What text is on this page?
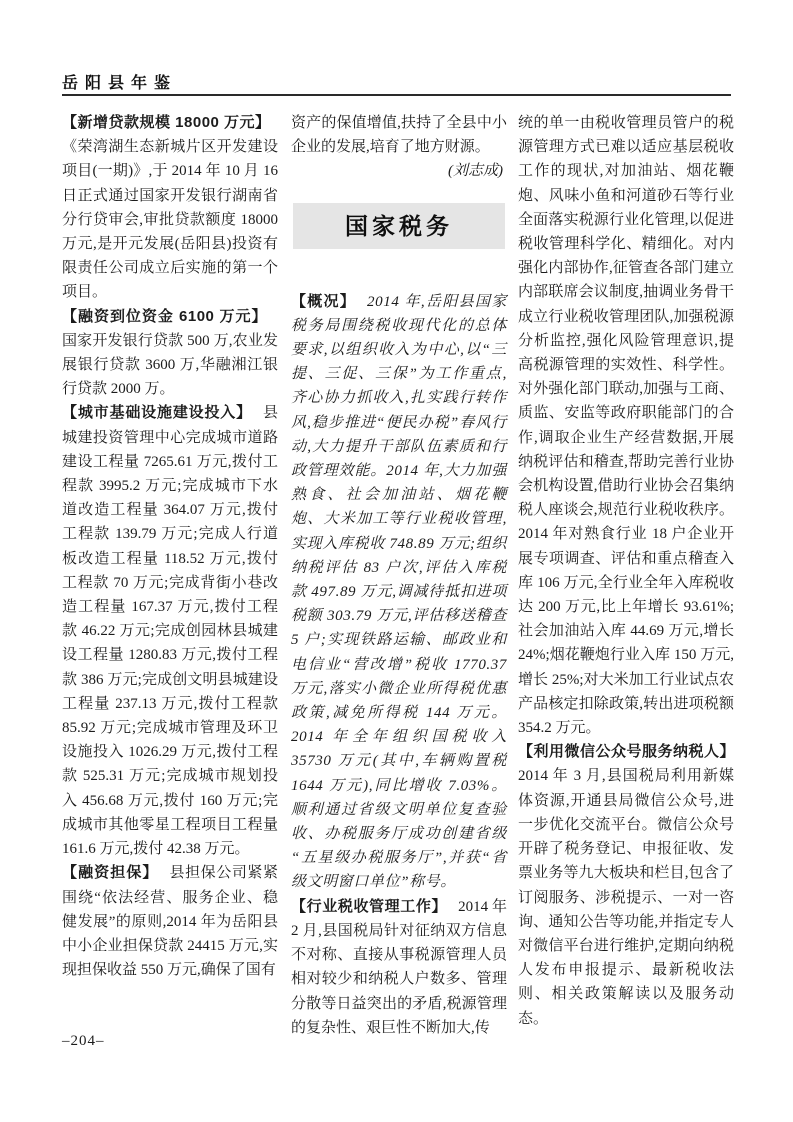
岳阳县年鉴

【新增贷款规模 18000 万元】《荣湾湖生态新城片区开发建设项目(一期)》,于 2014 年 10 月 16 日正式通过国家开发银行湖南省分行贷审会,审批贷款额度 18000 万元,是开元发展(岳阳县)投资有限责任公司成立后实施的第一个项目。

【融资到位资金 6100 万元】国家开发银行贷款 500 万,农业发展银行贷款 3600 万,华融湘江银行贷款 2000 万。

【城市基础设施建设投入】 县城建投资管理中心完成城市道路建设工程量 7265.61 万元,拨付工程款 3995.2 万元;完成城市下水道改造工程量 364.07 万元,拨付工程款 139.79 万元;完成人行道板改造工程量 118.52 万元,拨付工程款 70 万元;完成背街小巷改造工程量 167.37 万元,拨付工程款 46.22 万元;完成创园林县城建设工程量 1280.83 万元,拨付工程款 386 万元;完成创文明县城建设工程量 237.13 万元,拨付工程款 85.92 万元;完成城市管理及环卫设施投入 1026.29 万元,拨付工程款 525.31 万元;完成城市规划投入 456.68 万元,拨付 160 万元;完成城市其他零星工程项目工程量 161.6 万元,拨付 42.38 万元。

【融资担保】 县担保公司紧紧围绕“依法经营、服务企业、稳健发展”的原则,2014 年为岳阳县中小企业担保贷款 24415 万元,实现担保收益 550 万元,确保了国有

资产的保值增值,扶持了全县中小企业的发展,培育了地方财源。

(刘志成)

国家税务

【概况】 2014 年,岳阳县国家税务局围绕税收现代化的总体要求,以组织收入为中心,以“三提、三促、三保”为工作重点,齐心协力抓收入,扎实践行转作风,稳步推进“便民办税”春风行动,大力提升干部队伍素质和行政管理效能。2014 年,大力加强熟食、社会加油站、烟花鞭炮、大米加工等行业税收管理,实现入库税收 748.89 万元;组织纳税评估 83 户次,评估入库税款 497.89 万元,调减待抵扣进项税额 303.79 万元,评估移送稽查 5 户;实现铁路运输、邮政业和电信业“营改增”税收 1770.37 万元,落实小微企业所得税优惠政策,减免所得税 144 万元。2014 年全年组织国税收入 35730 万元(其中,车辆购置税 1644 万元),同比增收 7.03%。顺利通过省级文明单位复查验收、办税服务厅成功创建省级“五星级办税服务厅”,并获“省级文明窗口单位”称号。

【行业税收管理工作】 2014 年 2 月,县国税局针对征纳双方信息不对称、直接从事税源管理人员相对较少和纳税人户数多、管理分散等日益突出的矛盾,税源管理的复杂性、艰巨性不断加大,传

统的单一由税收管理员管户的税源管理方式已难以适应基层税收工作的现状,对加油站、烟花鞭炮、风味小鱼和河道砂石等行业全面落实税源行业化管理,以促进税收管理科学化、精细化。对内强化内部协作,征管查各部门建立内部联席会议制度,抽调业务骨干成立行业税收管理团队,加强税源分析监控,强化风险管理意识,提高税源管理的实效性、科学性。对外强化部门联动,加强与工商、质监、安监等政府职能部门的合作,调取企业生产经营数据,开展纳税评估和稽查,帮助完善行业协会机构设置,借助行业协会召集纳税人座谈会,规范行业税收秩序。2014 年对熟食行业 18 户企业开展专项调查、评估和重点稽查入库 106 万元,全行业全年入库税收达 200 万元,比上年增长 93.61%;社会加油站入库 44.69 万元,增长 24%;烟花鞭炮行业入库 150 万元,增长 25%;对大米加工行业试点农产品核定扣除政策,转出进项税额 354.2 万元。

【利用微信公众号服务纳税人】2014 年 3 月,县国税局利用新媒体资源,开通县局微信公众号,进一步优化交流平台。微信公众号开辟了税务登记、申报征收、发票业务等九大板块和栏目,包含了订阅服务、涉税提示、一对一咨询、通知公告等功能,并指定专人对微信平台进行维护,定期向纳税人发布申报提示、最新税收法则、相关政策解读以及服务动态。

–204–
